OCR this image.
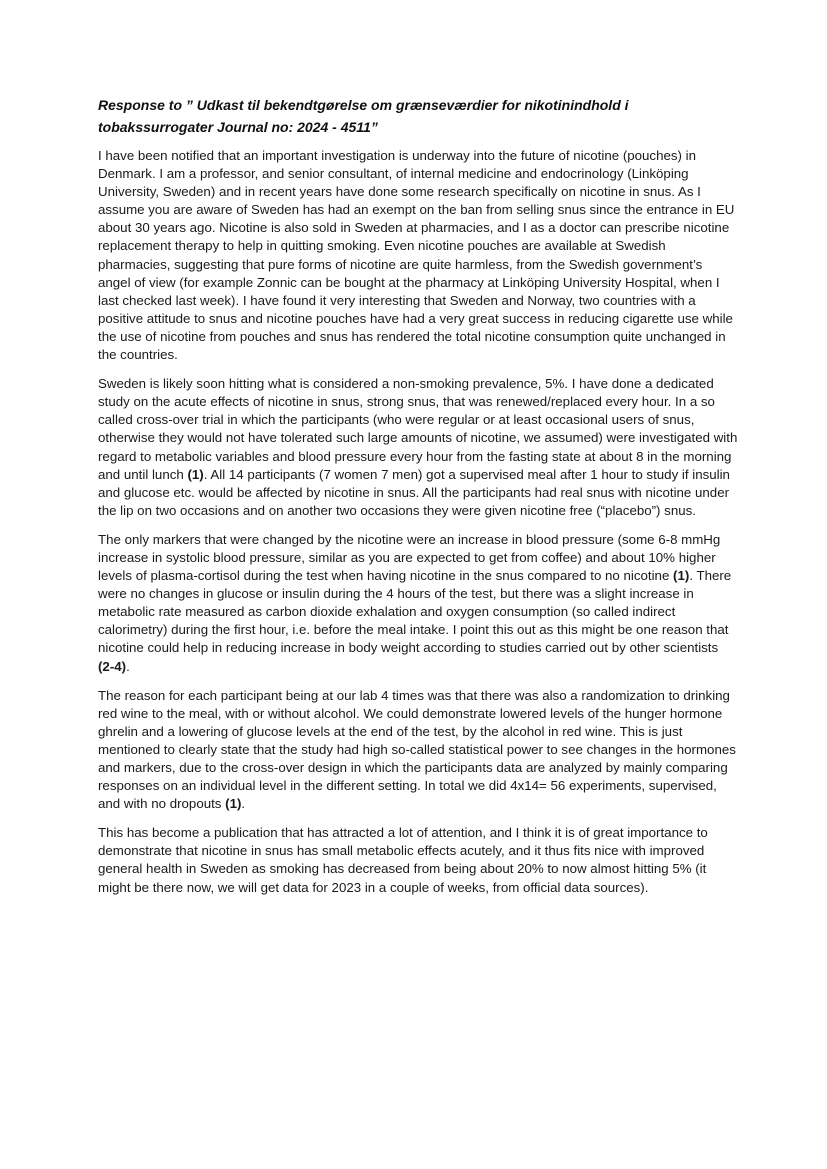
Response to ” Udkast til bekendtgørelse om grænseværdier for nikotinindhold i tobakssurrogater Journal no: 2024 - 4511”

I have been notified that an important investigation is underway into the future of nicotine (pouches) in Denmark. I am a professor, and senior consultant, of internal medicine and endocrinology (Linköping University, Sweden) and in recent years have done some research specifically on nicotine in snus. As I assume you are aware of Sweden has had an exempt on the ban from selling snus since the entrance in EU about 30 years ago. Nicotine is also sold in Sweden at pharmacies, and I as a doctor can prescribe nicotine replacement therapy to help in quitting smoking. Even nicotine pouches are available at Swedish pharmacies, suggesting that pure forms of nicotine are quite harmless, from the Swedish government’s angel of view (for example Zonnic can be bought at the pharmacy at Linköping University Hospital, when I last checked last week). I have found it very interesting that Sweden and Norway, two countries with a positive attitude to snus and nicotine pouches have had a very great success in reducing cigarette use while the use of nicotine from pouches and snus has rendered the total nicotine consumption quite unchanged in the countries.

Sweden is likely soon hitting what is considered a non-smoking prevalence, 5%. I have done a dedicated study on the acute effects of nicotine in snus, strong snus, that was renewed/replaced every hour. In a so called cross-over trial in which the participants (who were regular or at least occasional users of snus, otherwise they would not have tolerated such large amounts of nicotine, we assumed) were investigated with regard to metabolic variables and blood pressure every hour from the fasting state at about 8 in the morning and until lunch (1). All 14 participants (7 women 7 men) got a supervised meal after 1 hour to study if insulin and glucose etc. would be affected by nicotine in snus. All the participants had real snus with nicotine under the lip on two occasions and on another two occasions they were given nicotine free (“placebo”) snus.

The only markers that were changed by the nicotine were an increase in blood pressure (some 6-8 mmHg increase in systolic blood pressure, similar as you are expected to get from coffee) and about 10% higher levels of plasma-cortisol during the test when having nicotine in the snus compared to no nicotine (1). There were no changes in glucose or insulin during the 4 hours of the test, but there was a slight increase in metabolic rate measured as carbon dioxide exhalation and oxygen consumption (so called indirect calorimetry) during the first hour, i.e. before the meal intake. I point this out as this might be one reason that nicotine could help in reducing increase in body weight according to studies carried out by other scientists (2-4).

The reason for each participant being at our lab 4 times was that there was also a randomization to drinking red wine to the meal, with or without alcohol. We could demonstrate lowered levels of the hunger hormone ghrelin and a lowering of glucose levels at the end of the test, by the alcohol in red wine. This is just mentioned to clearly state that the study had high so-called statistical power to see changes in the hormones and markers, due to the cross-over design in which the participants data are analyzed by mainly comparing responses on an individual level in the different setting. In total we did 4x14= 56 experiments, supervised, and with no dropouts (1).

This has become a publication that has attracted a lot of attention, and I think it is of great importance to demonstrate that nicotine in snus has small metabolic effects acutely, and it thus fits nice with improved general health in Sweden as smoking has decreased from being about 20% to now almost hitting 5% (it might be there now, we will get data for 2023 in a couple of weeks, from official data sources).
